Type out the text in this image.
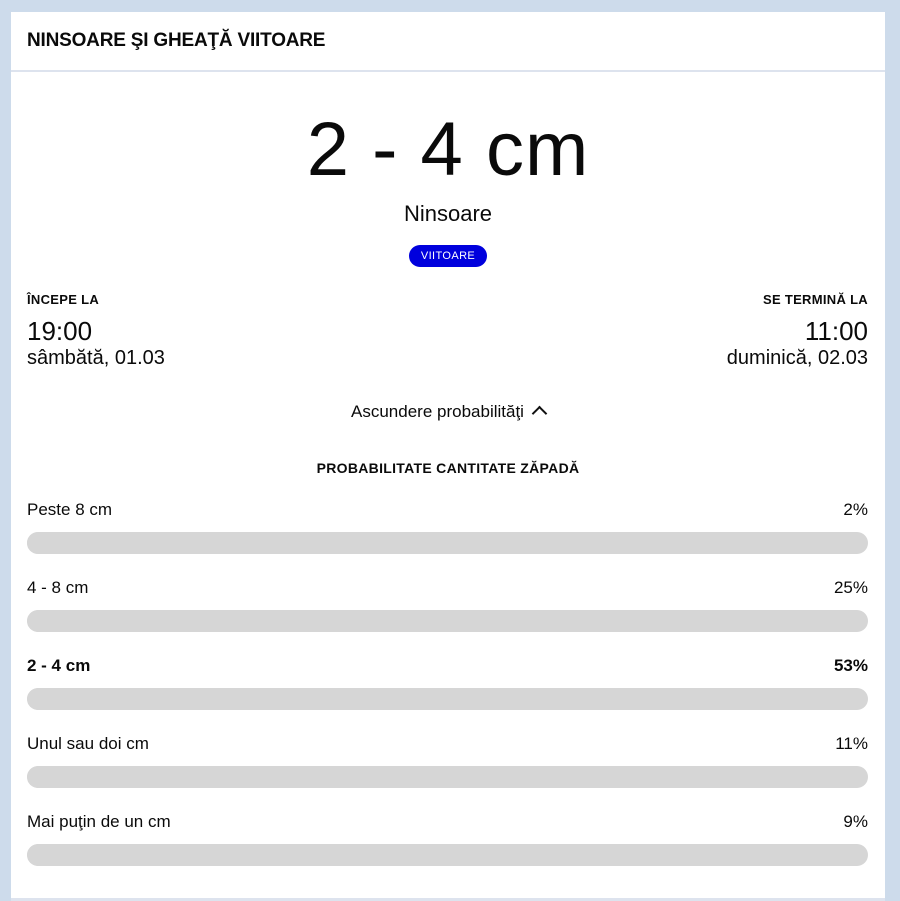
NINSOARE ŞI GHEAŢĂ VIITOARE
2 - 4 cm
Ninsoare
VIITOARE
ÎNCEPE LA
19:00
sâmbătă, 01.03
SE TERMINĂ LA
11:00
duminică, 02.03
Ascundere probabilităţi
PROBABILITATE CANTITATE ZĂPADĂ
Peste 8 cm	2%
4 - 8 cm	25%
2 - 4 cm	53%
Unul sau doi cm	11%
Mai puţin de un cm	9%
